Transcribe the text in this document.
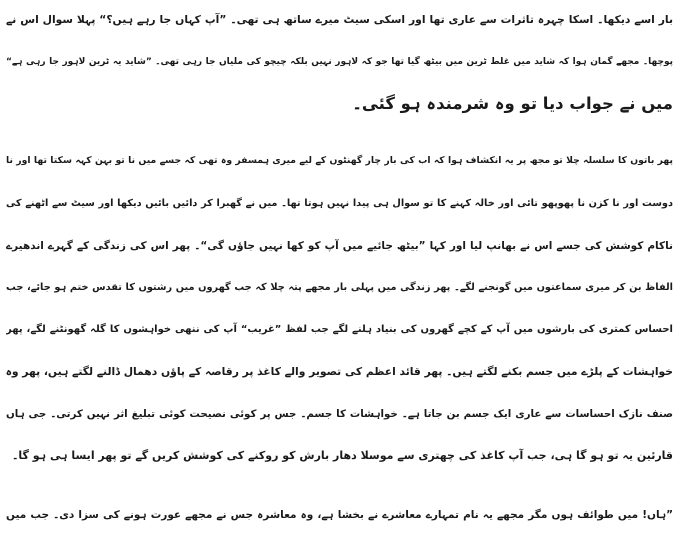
بار اسے دیکھا۔ اسکا چہرہ تاثرات سے عاری تھا اور اسکی سیٹ میرے ساتھ ہی تھی۔ ”آپ کہاں جا رہے ہیں؟“ پہلا سوال اس نے
پوچھا۔ مجھے گمان ہوا کہ شاید میں غلط ٹرین میں بیٹھ گیا تھا جو کہ لاہور نہیں بلکہ چیچو کی ملیاں جا رہی تھی۔ ”شاید یہ ٹرین لاہور جا رہی ہے“
میں نے جواب دیا تو وہ شرمندہ ہو گئی۔
پھر باتوں کا سلسلہ چلا تو مجھ پر یہ انکشاف ہوا کہ اب کی بار چار گھنٹوں کے لیے میری ہمسفر وہ تھی کہ جسے میں نا تو بہن کہہ سکتا تھا اور نا
دوست اور نا کزن نا پھوپھو تائی اور خالہ کہنے کا تو سوال ہی پیدا نہیں ہوتا تھا۔ میں نے گھبرا کر دائیں بائیں دیکھا اور سیٹ سے اٹھنے کی
ناکام کوشش کی جسے اس نے بھانپ لیا اور کہا ”بیٹھ جائیے میں آپ کو کھا نہیں جاؤں گی“۔ پھر اس کی زندگی کے گہرے اندھیرے
الفاظ بن کر میری سماعتوں میں گونجنے لگے۔ پھر زندگی میں پہلی بار مجھے پتہ چلا کہ جب گھروں میں رشتوں کا تقدس ختم ہو جائے، جب
احساس کمتری کی بارشوں میں آپ کے کچے گھروں کی بنیاد ہلنے لگے جب لفظ ”غریب“ آپ کی ننھی خواہشوں کا گلہ گھونٹنے لگے، پھر
خواہشات کے پلڑے میں جسم بکنے لگتے ہیں۔ پھر قائد اعظم کی تصویر والے کاغذ پر رقاصہ کے پاؤں دھمال ڈالنے لگتے ہیں، پھر وہ
صنف نازک احساسات سے عاری ایک جسم بن جاتا ہے۔ خواہشات کا جسم۔ جس پر کوئی نصیحت کوئی تبلیغ اثر نہیں کرتی۔ جی ہاں
قارئین یہ تو ہو گا ہی، جب آپ کاغذ کی چھتری سے موسلا دھار بارش کو روکنے کی کوشش کریں گے تو پھر ایسا ہی ہو گا۔
”ہاں! میں طوائف ہوں مگر مجھے یہ نام تمہارے معاشرے نے بخشا ہے، وہ معاشرہ جس نے مجھے عورت ہونے کی سزا دی۔ جب میں
